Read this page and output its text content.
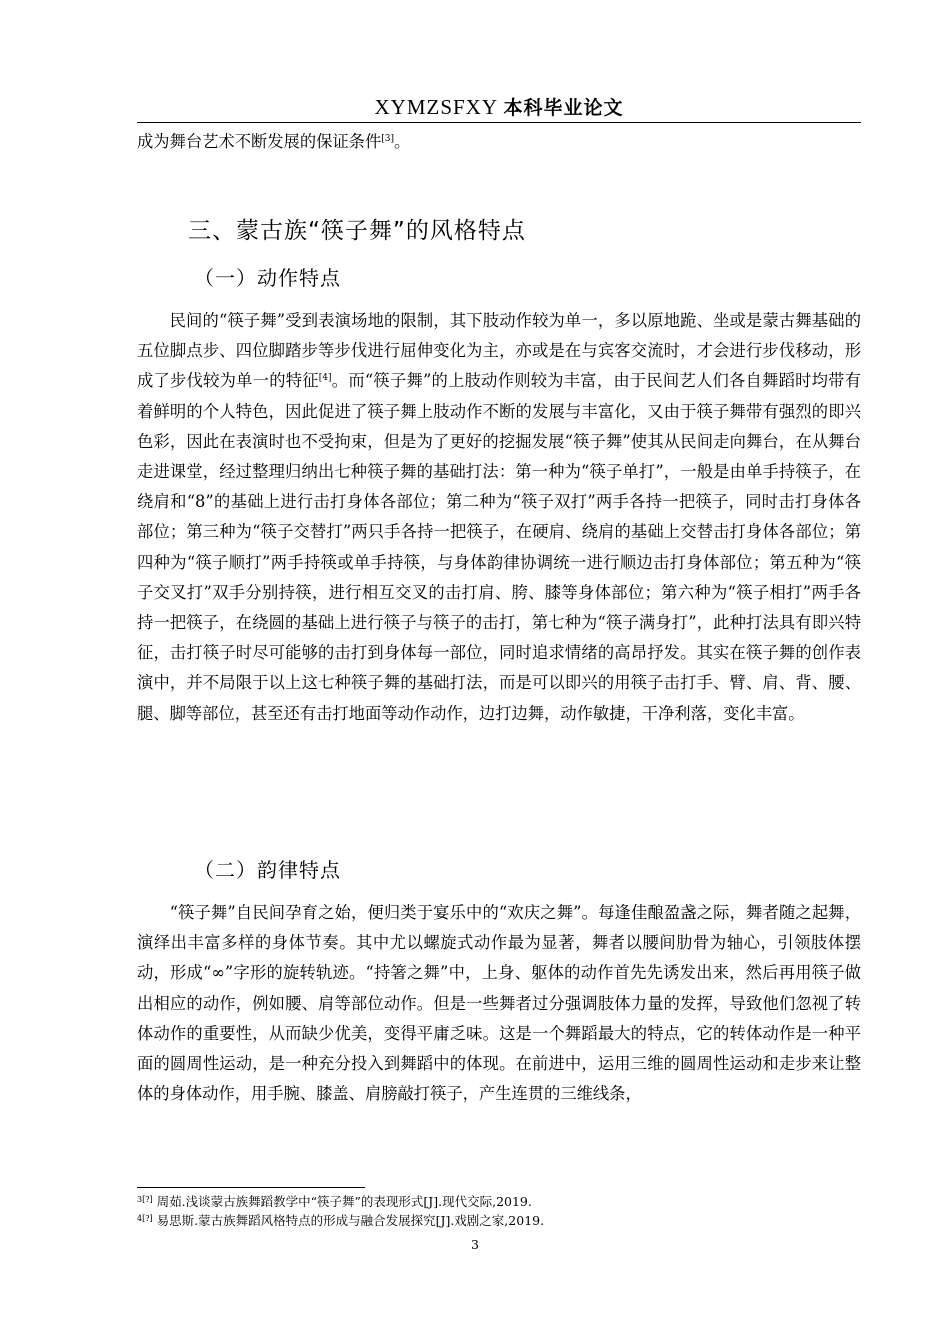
XYMZSFXY 本科毕业论文
成为舞台艺术不断发展的保证条件[3]。
三、蒙古族“筷子舞”的风格特点
（一）动作特点

民间的“筷子舞”受到表演场地的限制，其下肢动作较为单一，多以原地跪、坐或是蒙古舞基础的五位脚点步、四位脚踏步等步伐进行屈伸变化为主，亦或是在与宾客交流时，才会进行步伐移动，形成了步伐较为单一的特征[4]。而“筷子舞”的上肢动作则较为丰富，由于民间艺人们各自舞蹈时均带有着鲜明的个人特色，因此促进了筷子舞上肢动作不断的发展与丰富化，又由于筷子舞带有强烈的即兴色彩，因此在表演时也不受拘束，但是为了更好的挖掘发展“筷子舞”使其从民间走向舞台，在从舞台走进课堂，经过整理归纳出七种筷子舞的基础打法：第一种为“筷子单打”，一般是由单手持筷子，在绕肩和“8”的基础上进行击打身体各部位；第二种为“筷子双打”两手各持一把筷子，同时击打身体各部位；第三种为“筷子交替打”两只手各持一把筷子，在硬肩、绕肩的基础上交替击打身体各部位；第四种为“筷子顺打”两手持筷或单手持筷，与身体韵律协调统一进行顺边击打身体部位；第五种为“筷子交叉打”双手分别持筷，进行相互交叉的击打肩、胯、膝等身体部位；第六种为“筷子相打”两手各持一把筷子，在绕圆的基础上进行筷子与筷子的击打，第七种为“筷子满身打”，此种打法具有即兴特征，击打筷子时尽可能够的击打到身体每一部位，同时追求情绪的高昂抒发。其实在筷子舞的创作表演中，并不局限于以上这七种筷子舞的基础打法，而是可以即兴的用筷子击打手、臂、肩、背、腰、腿、脚等部位，甚至还有击打地面等动作动作，边打边舞，动作敏捷，干净利落，变化丰富。

（二）韵律特点

“筷子舞”自民间孕育之始，便归类于宴乐中的“欢庆之舞”。每逢佳酿盈盏之际，舞者随之起舞，演绎出丰富多样的身体节奏。其中尤以螺旋式动作最为显著，舞者以腰间肋骨为轴心，引领肢体摆动，形成“∞”字形的旋转轨迹。“持箸之舞”中，上身、躯体的动作首先先诱发出来，然后再用筷子做出相应的动作，例如腰、肩等部位动作。但是一些舞者过分强调肢体力量的发挥，导致他们忽视了转体动作的重要性，从而缺少优美，变得平庸乏味。这是一个舞蹈最大的特点，它的转体动作是一种平面的圆周性运动，是一种充分投入到舞蹈中的体现。在前进中，运用三维的圆周性运动和走步来让整体的身体动作，用手腕、膝盖、肩膀敲打筷子，产生连贯的三维线条，

$^{3[?]}$ 周茹.浅谈蒙古族舞蹈教学中“筷子舞”的表现形式[J].现代交际,2019.
$^{4[?]}$ 易思斯.蒙古族舞蹈风格特点的形成与融合发展探究[J].戏剧之家,2019.
3
